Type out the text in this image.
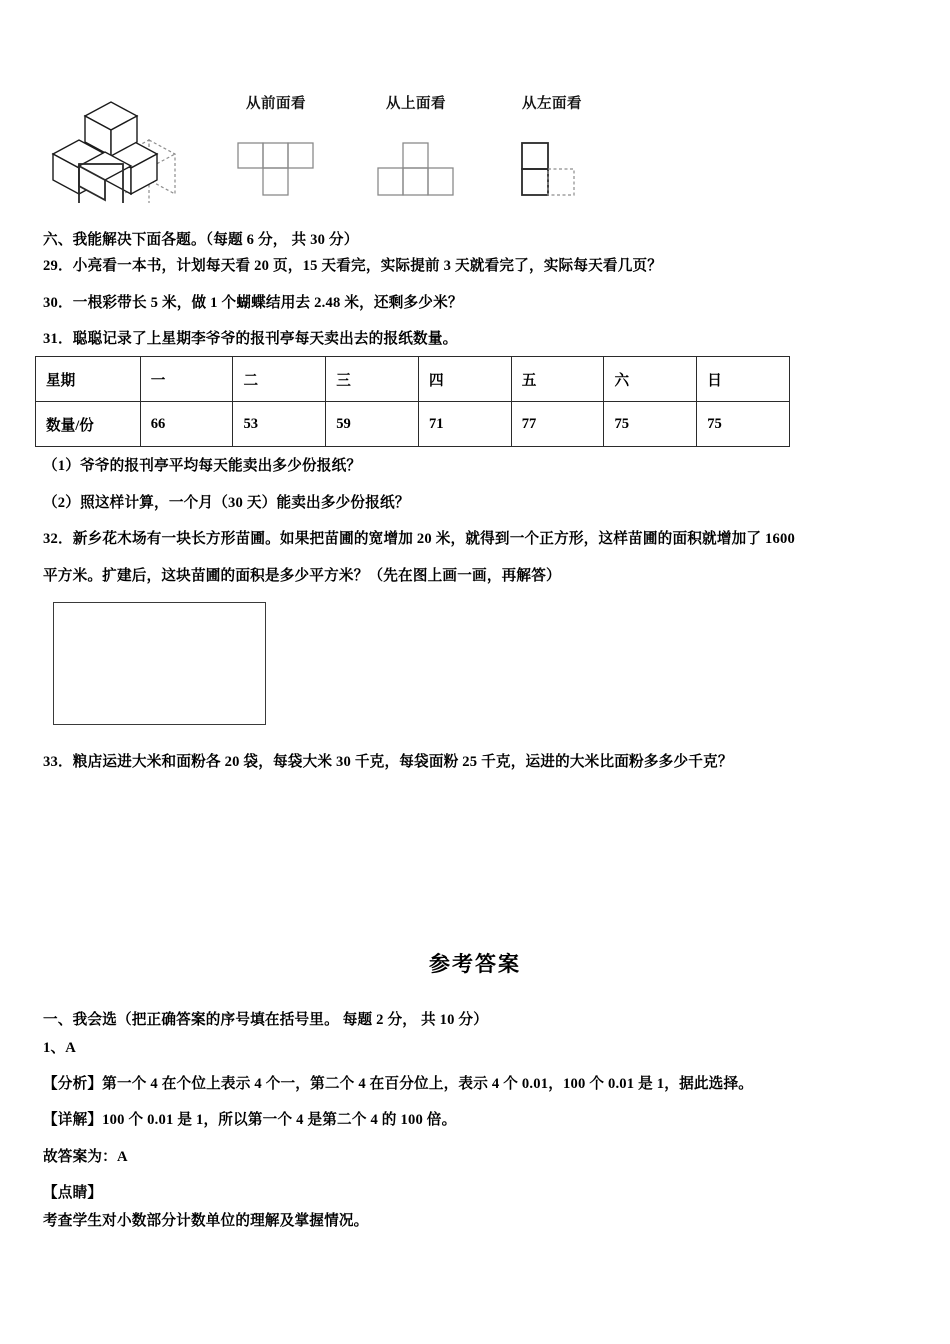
从前面看	从上面看	从左面看
六、我能解决下面各题。（每题 6 分， 共 30 分）
29．小亮看一本书，计划每天看 20 页，15 天看完，实际提前 3 天就看完了，实际每天看几页？
30．一根彩带长 5 米，做 1 个蝴蝶结用去 2.48 米，还剩多少米？
31．聪聪记录了上星期李爷爷的报刊亭每天卖出去的报纸数量。
星期	一	二	三	四	五	六	日
数量/份	66	53	59	71	77	75	75
（1）爷爷的报刊亭平均每天能卖出多少份报纸？
（2）照这样计算，一个月（30 天）能卖出多少份报纸？
32．新乡花木场有一块长方形苗圃。如果把苗圃的宽增加 20 米，就得到一个正方形，这样苗圃的面积就增加了 1600
平方米。扩建后，这块苗圃的面积是多少平方米？（先在图上画一画，再解答）
33．粮店运进大米和面粉各 20 袋，每袋大米 30 千克，每袋面粉 25 千克，运进的大米比面粉多多少千克？
参考答案
一、我会选（把正确答案的序号填在括号里。 每题 2 分， 共 10 分）
1、A
【分析】第一个 4 在个位上表示 4 个一，第二个 4 在百分位上，表示 4 个 0.01，100 个 0.01 是 1，据此选择。
【详解】100 个 0.01 是 1，所以第一个 4 是第二个 4 的 100 倍。
故答案为：A
【点睛】
考查学生对小数部分计数单位的理解及掌握情况。
